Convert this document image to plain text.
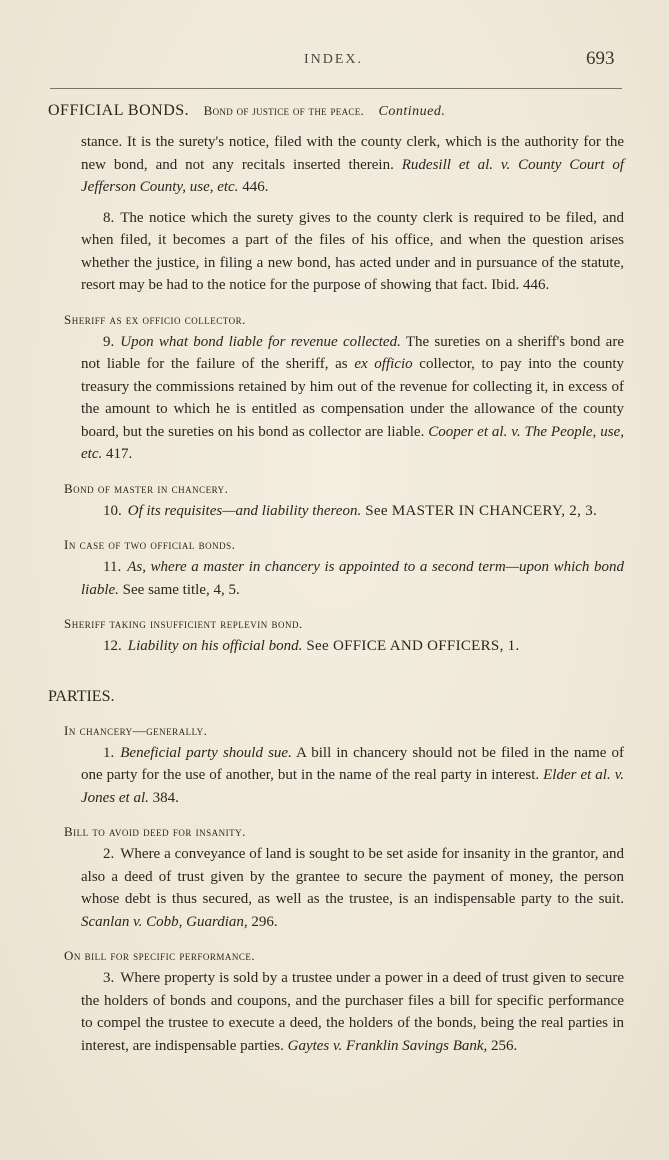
INDEX.	693

OFFICIAL BONDS. Bond of justice of the peace. Continued.

stance. It is the surety's notice, filed with the county clerk, which is the authority for the new bond, and not any recitals inserted therein. Rudesill et al. v. County Court of Jefferson County, use, etc. 446.

8. The notice which the surety gives to the county clerk is required to be filed, and when filed, it becomes a part of the files of his office, and when the question arises whether the justice, in filing a new bond, has acted under and in pursuance of the statute, resort may be had to the notice for the purpose of showing that fact. Ibid. 446.

Sheriff as ex officio collector.

9. Upon what bond liable for revenue collected. The sureties on a sheriff's bond are not liable for the failure of the sheriff, as ex officio collector, to pay into the county treasury the commissions retained by him out of the revenue for collecting it, in excess of the amount to which he is entitled as compensation under the allowance of the county board, but the sureties on his bond as collector are liable. Cooper et al. v. The People, use, etc. 417.

Bond of master in chancery.

10. Of its requisites—and liability thereon. See MASTER IN CHANCERY, 2, 3.

In case of two official bonds.

11. As, where a master in chancery is appointed to a second term—upon which bond liable. See same title, 4, 5.

Sheriff taking insufficient replevin bond.

12. Liability on his official bond. See OFFICE AND OFFICERS, 1.

PARTIES.

In chancery—generally.

1. Beneficial party should sue. A bill in chancery should not be filed in the name of one party for the use of another, but in the name of the real party in interest. Elder et al. v. Jones et al. 384.

Bill to avoid deed for insanity.

2. Where a conveyance of land is sought to be set aside for insanity in the grantor, and also a deed of trust given by the grantee to secure the payment of money, the person whose debt is thus secured, as well as the trustee, is an indispensable party to the suit. Scanlan v. Cobb, Guardian, 296.

On bill for specific performance.

3. Where property is sold by a trustee under a power in a deed of trust given to secure the holders of bonds and coupons, and the purchaser files a bill for specific performance to compel the trustee to execute a deed, the holders of the bonds, being the real parties in interest, are indispensable parties. Gaytes v. Franklin Savings Bank, 256.
